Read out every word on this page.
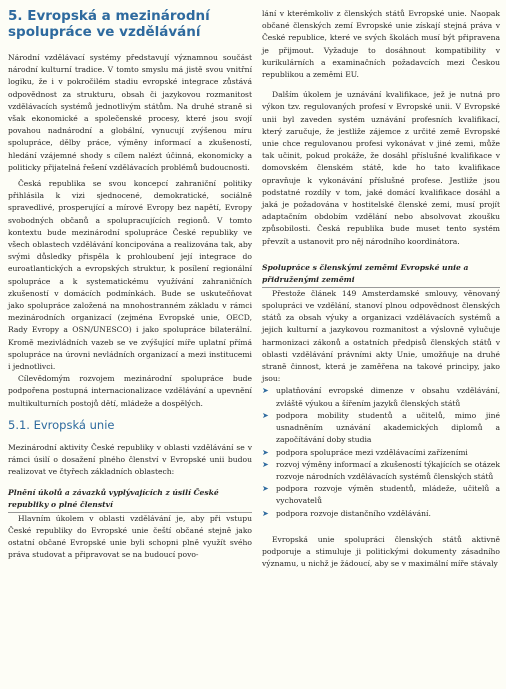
5. Evropská a mezinárodní spolupráce ve vzdělávání

Národní vzdělávací systémy představují významnou součást národní kulturní tradice. V tomto smyslu má jistě svou vnitřní logiku, že i v pokročilém stadiu evropské integrace zůstává odpovědnost za strukturu, obsah či jazykovou rozmanitost vzdělávacích systémů jednotlivým státům. Na druhé straně si však ekonomické a společenské procesy, které jsou svojí povahou nadnárodní a globální, vynucují zvýšenou míru spolupráce, dělby práce, výměny informací a zkušeností, hledání vzájemné shody s cílem nalézt účinná, ekonomicky a politicky přijatelná řešení vzdělávacích problémů budoucnosti.

Česká republika se svou koncepcí zahraniční politiky přihlásila k vizi sjednocené, demokratické, sociálně spravedlivé, prosperující a mírové Evropy bez napětí, Evropy svobodných občanů a spolupracujících regionů. V tomto kontextu bude mezinárodní spolupráce České republiky ve všech oblastech vzdělávání koncipována a realizována tak, aby svými důsledky přispěla k prohloubení její integrace do euroatlantických a evropských struktur, k posílení regionální spolupráce a k systematickému využívání zahraničních zkušeností v domácích podmínkách. Bude se uskutečňovat jako spolupráce založená na mnohostranném základu v rámci mezinárodních organizací (zejména Evropské unie, OECD, Rady Evropy a OSN/UNESCO) i jako spolupráce bilaterální. Kromě mezivládních vazeb se ve zvýšující míře uplatní přímá spolupráce na úrovni nevládních organizací a mezi institucemi i jednotlivci.

Cílevědomým rozvojem mezinárodní spolupráce bude podpořena postupná internacionalizace vzdělávání a upevnění multikulturních postojů dětí, mládeže a dospělých.

5.1. Evropská unie

Mezinárodní aktivity České republiky v oblasti vzdělávání se v rámci úsilí o dosažení plného členství v Evropské unii budou realizovat ve čtyřech základních oblastech:

Plnění úkolů a závazků vyplývajících z úsilí České republiky o plné členství

Hlavním úkolem v oblasti vzdělávání je, aby při vstupu České republiky do Evropské unie čeští občané stejně jako ostatní občané Evropské unie byli schopni plně využít svého práva studovat a připravovat se na budoucí povo-

lání v kterémkoliv z členských států Evropské unie. Naopak občané členských zemí Evropské unie získají stejná práva v České republice, které ve svých školách musí být připravena je přijmout. Vyžaduje to dosáhnout kompatibility v kurikulárních a examinačních požadavcích mezi Českou republikou a zeměmi EU.

Dalším úkolem je uznávání kvalifikace, jež je nutná pro výkon tzv. regulovaných profesí v Evropské unii. V Evropské unii byl zaveden systém uznávání profesních kvalifikací, který zaručuje, že jestliže zájemce z určité země Evropské unie chce regulovanou profesi vykonávat v jiné zemi, může tak učinit, pokud prokáže, že dosáhl příslušné kvalifikace v domovském členském státě, kde ho tato kvalifikace opravňuje k vykonávání příslušné profese. Jestliže jsou podstatné rozdíly v tom, jaké domácí kvalifikace dosáhl a jaká je požadována v hostitelské členské zemi, musí projít adaptačním obdobím vzdělání nebo absolvovat zkoušku způsobilosti. Česká republika bude muset tento systém převzít a ustanovit pro něj národního koordinátora.

Spolupráce s členskými zeměmi Evropské unie a přidruženými zeměmi

Přestože článek 149 Amsterdamské smlouvy, věnovaný spolupráci ve vzdělání, stanoví plnou odpovědnost členských států za obsah výuky a organizaci vzdělávacích systémů a jejich kulturní a jazykovou rozmanitost a výslovně vylučuje harmonizaci zákonů a ostatních předpisů členských států v oblasti vzdělávání právními akty Unie, umožňuje na druhé straně činnost, která je zaměřena na takové principy, jako jsou:

➤ uplatňování evropské dimenze v obsahu vzdělávání, zvláště výukou a šířením jazyků členských států
➤ podpora mobility studentů a učitelů, mimo jiné usnadněním uznávání akademických diplomů a započítávání doby studia
➤ podpora spolupráce mezi vzdělávacími zařízeními
➤ rozvoj výměny informací a zkušeností týkajících se otázek rozvoje národních vzdělávacích systémů členských států
➤ podpora rozvoje výměn studentů, mládeže, učitelů a vychovatelů
➤ podpora rozvoje distančního vzdělávání.

Evropská unie spolupráci členských států aktivně podporuje a stimuluje ji politickými dokumenty zásadního významu, u nichž je žádoucí, aby se v maximální míře stávaly
